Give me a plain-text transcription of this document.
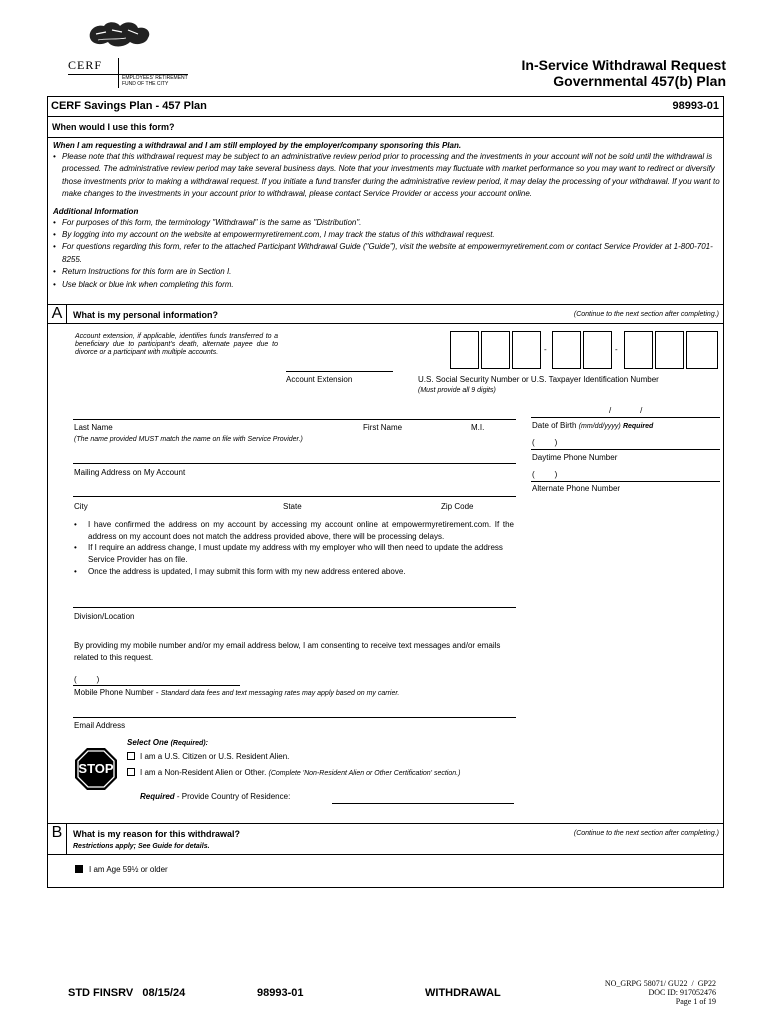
CERF
EMPLOYEES' RETIREMENT
FUND OF THE CITY
In-Service Withdrawal Request
Governmental 457(b) Plan
CERF Savings Plan - 457 Plan	98993-01
When would I use this form?
When I am requesting a withdrawal and I am still employed by the employer/company sponsoring this Plan.
• Please note that this withdrawal request may be subject to an administrative review period prior to processing and the investments in your account will not be sold until the withdrawal is processed. The administrative review period may take several business days. Note that your investments may fluctuate with market performance so you may want to redirect or diversify those investments prior to making a withdrawal request. If you initiate a fund transfer during the administrative review period, it may delay the processing of your withdrawal. If you want to make changes to the investments in your account prior to withdrawal, please contact Service Provider or access your account online.
Additional Information
• For purposes of this form, the terminology "Withdrawal" is the same as "Distribution".
• By logging into my account on the website at empowermyretirement.com, I may track the status of this withdrawal request.
• For questions regarding this form, refer to the attached Participant Withdrawal Guide ("Guide"), visit the website at empowermyretirement.com or contact Service Provider at 1-800-701-8255.
• Return Instructions for this form are in Section I.
• Use black or blue ink when completing this form.
A	What is my personal information?	(Continue to the next section after completing.)
Account extension, if applicable, identifies funds transferred to a beneficiary due to participant's death, alternate payee due to divorce or a participant with multiple accounts.
Account Extension
-	-
U.S. Social Security Number or U.S. Taxpayer Identification Number
(Must provide all 9 digits)
Last Name	First Name	M.I.
(The name provided MUST match the name on file with Service Provider.)
/             /
Date of Birth (mm/dd/yyyy) Required
(         )
Daytime Phone Number
(         )
Alternate Phone Number
Mailing Address on My Account
City	State	Zip Code
• I have confirmed the address on my account by accessing my account online at empowermyretirement.com. If the address on my account does not match the address provided above, there will be processing delays.
• If I require an address change, I must update my address with my employer who will then need to update the address Service Provider has on file.
• Once the address is updated, I may submit this form with my new address entered above.
Division/Location
By providing my mobile number and/or my email address below, I am consenting to receive text messages and/or emails related to this request.
(         )
Mobile Phone Number - Standard data fees and text messaging rates may apply based on my carrier.
Email Address
STOP
Select One (Required):
I am a U.S. Citizen or U.S. Resident Alien.
I am a Non-Resident Alien or Other. (Complete 'Non-Resident Alien or Other Certification' section.)
Required - Provide Country of Residence:
B	What is my reason for this withdrawal?	(Continue to the next section after completing.)
Restrictions apply; See Guide for details.
I am Age 59½ or older
STD FINSRV   08/15/24	98993-01	WITHDRAWAL
NO_GRPG 58071/ GU22  /  GP22
DOC ID: 917052476
Page 1 of 19
